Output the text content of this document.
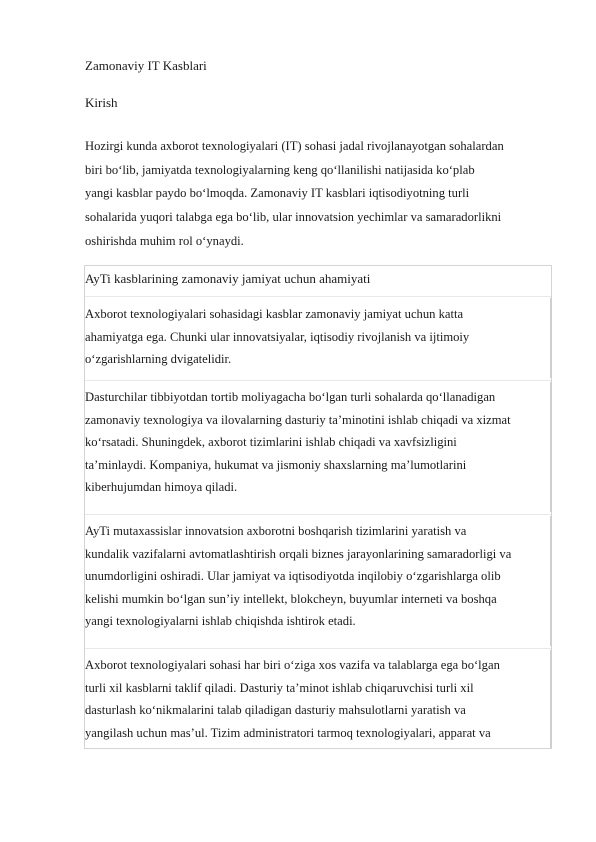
Zamonaviy IT Kasblari
Kirish
Hozirgi kunda axborot texnologiyalari (IT) sohasi jadal rivojlanayotgan sohalardan
biri bo‘lib, jamiyatda texnologiyalarning keng qo‘llanilishi natijasida ko‘plab
yangi kasblar paydo bo‘lmoqda. Zamonaviy IT kasblari iqtisodiyotning turli
sohalarida yuqori talabga ega bo‘lib, ular innovatsion yechimlar va samaradorlikni
oshirishda muhim rol o‘ynaydi.
AyTi kasblarining zamonaviy jamiyat uchun ahamiyati
Axborot texnologiyalari sohasidagi kasblar zamonaviy jamiyat uchun katta
ahamiyatga ega. Chunki ular innovatsiyalar, iqtisodiy rivojlanish va ijtimoiy
o‘zgarishlarning dvigatelidir.
Dasturchilar tibbiyotdan tortib moliyagacha bo‘lgan turli sohalarda qo‘llanadigan
zamonaviy texnologiya va ilovalarning dasturiy ta’minotini ishlab chiqadi va xizmat
ko‘rsatadi. Shuningdek, axborot tizimlarini ishlab chiqadi va xavfsizligini
ta’minlaydi. Kompaniya, hukumat va jismoniy shaxslarning ma’lumotlarini
kiberhujumdan himoya qiladi.
AyTi mutaxassislar innovatsion axborotni boshqarish tizimlarini yaratish va
kundalik vazifalarni avtomatlashtirish orqali biznes jarayonlarining samaradorligi va
unumdorligini oshiradi. Ular jamiyat va iqtisodiyotda inqilobiy o‘zgarishlarga olib
kelishi mumkin bo‘lgan sun’iy intellekt, blokcheyn, buyumlar interneti va boshqa
yangi texnologiyalarni ishlab chiqishda ishtirok etadi.
Axborot texnologiyalari sohasi har biri o‘ziga xos vazifa va talablarga ega bo‘lgan
turli xil kasblarni taklif qiladi. Dasturiy ta’minot ishlab chiqaruvchisi turli xil
dasturlash ko‘nikmalarini talab qiladigan dasturiy mahsulotlarni yaratish va
yangilash uchun mas’ul. Tizim administratori tarmoq texnologiyalari, apparat va
